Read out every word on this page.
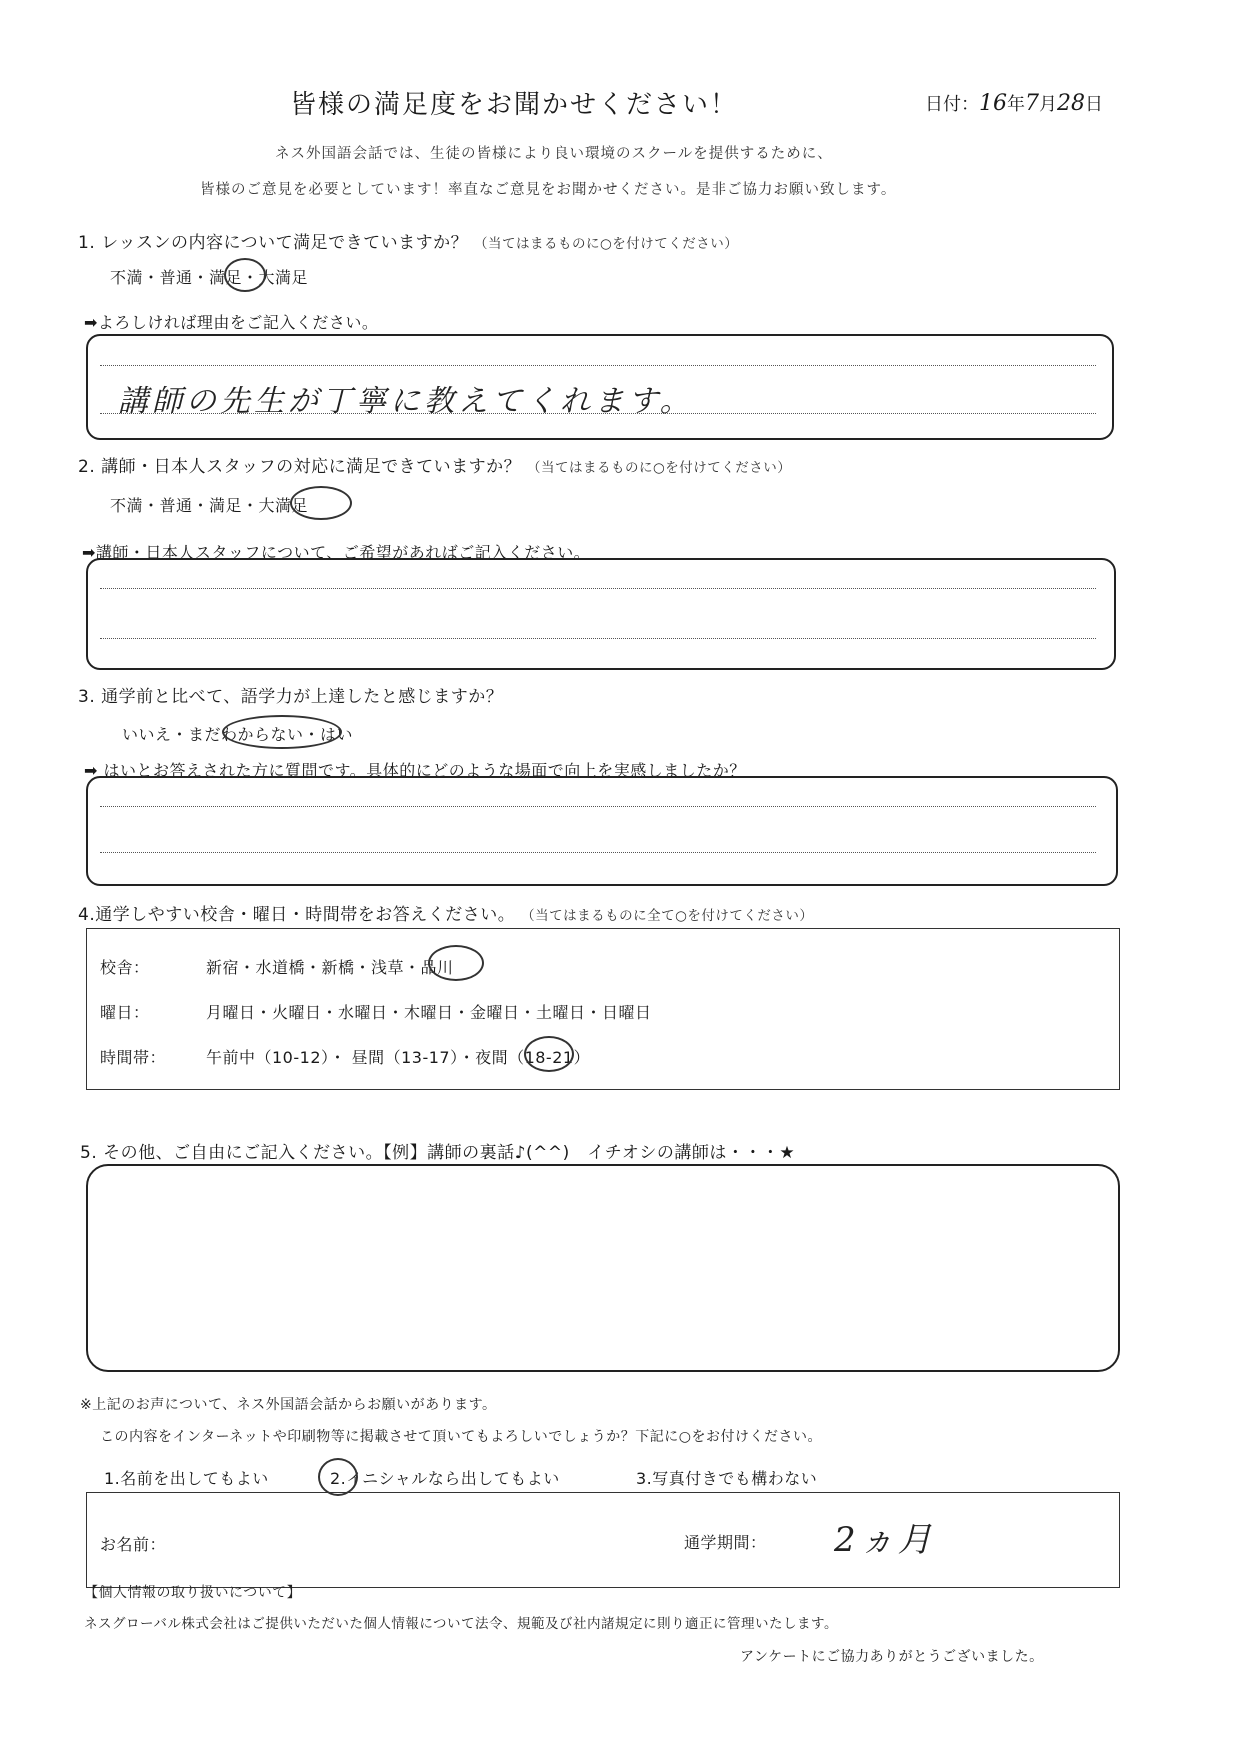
皆様の満足度をお聞かせください！	日付：16年7月28日
ネス外国語会話では、生徒の皆様により良い環境のスクールを提供するために、
皆様のご意見を必要としています！率直なご意見をお聞かせください。是非ご協力お願い致します。
1. レッスンの内容について満足できていますか？ （当てはまるものに○を付けてください）
不満・普通・満足・大満足
➡よろしければ理由をご記入ください。
講師の先生が丁寧に教えてくれます。
2. 講師・日本人スタッフの対応に満足できていますか？ （当てはまるものに○を付けてください）
不満・普通・満足・大満足
➡講師・日本人スタッフについて、ご希望があればご記入ください。
3. 通学前と比べて、語学力が上達したと感じますか？
いいえ・まだわからない・はい
➡ はいとお答えされた方に質問です。具体的にどのような場面で向上を実感しましたか？
4.通学しやすい校舎・曜日・時間帯をお答えください。 （当てはまるものに全て○を付けてください）
校舎：	新宿・水道橋・新橋・浅草・品川
曜日：	月曜日・火曜日・水曜日・木曜日・金曜日・土曜日・日曜日
時間帯： 午前中（10-12）・ 昼間（13-17）・夜間（18-21）
5. その他、ご自由にご記入ください。【例】講師の裏話♪(^^)　イチオシの講師は・・・★
※上記のお声について、ネス外国語会話からお願いがあります。
この内容をインターネットや印刷物等に掲載させて頂いてもよろしいでしょうか？下記に○をお付けください。
1.名前を出してもよい	2.イニシャルなら出してもよい	3.写真付きでも構わない
お名前：	通学期間： 2ヵ月
【個人情報の取り扱いについて】
ネスグローバル株式会社はご提供いただいた個人情報について法令、規範及び社内諸規定に則り適正に管理いたします。
アンケートにご協力ありがとうございました。
